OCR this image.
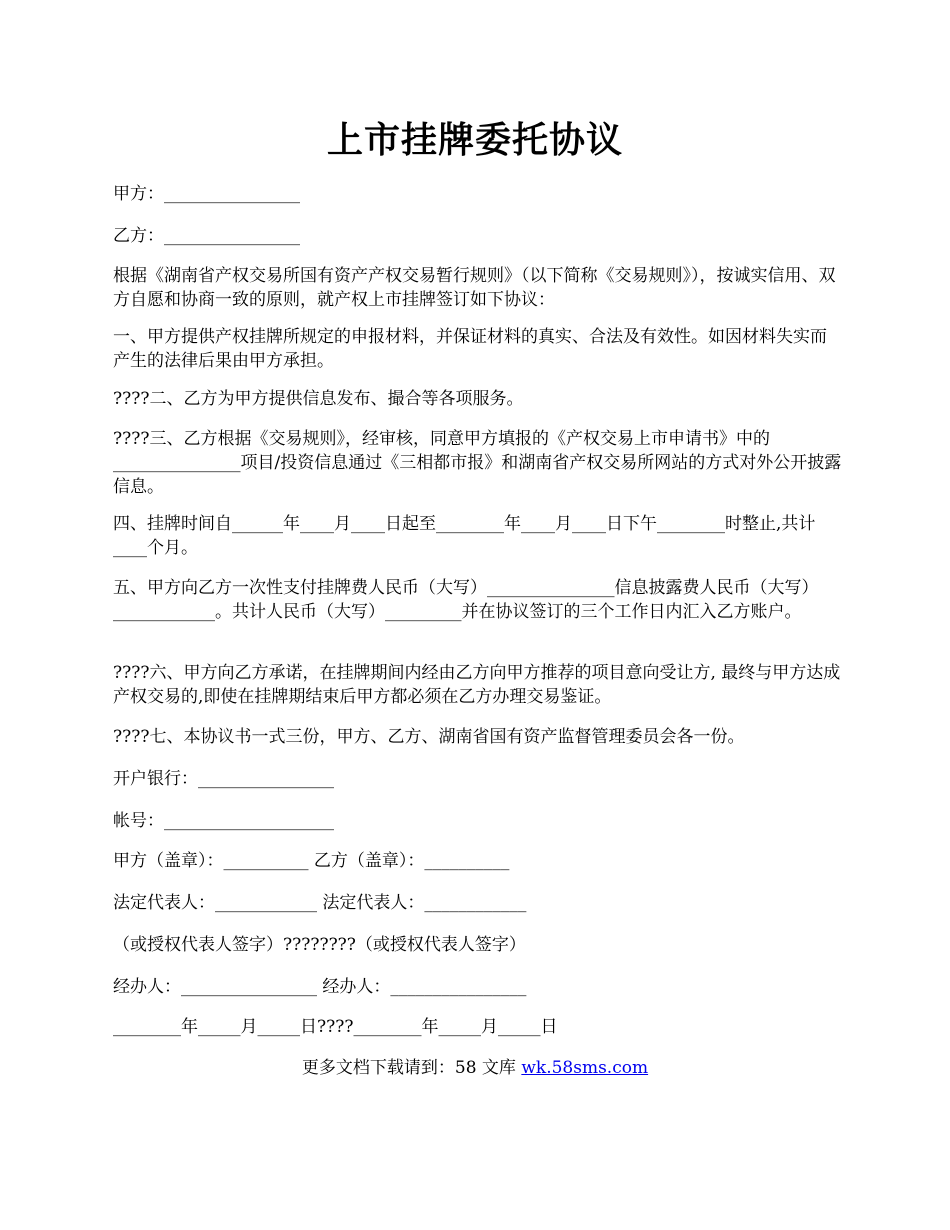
上市挂牌委托协议

甲方：________________

乙方：________________

根据《湖南省产权交易所国有资产产权交易暂行规则》（以下简称《交易规则》），按诚实信用、双方自愿和协商一致的原则，就产权上市挂牌签订如下协议：

一、甲方提供产权挂牌所规定的申报材料，并保证材料的真实、合法及有效性。如因材料失实而产生的法律后果由甲方承担。

????二、乙方为甲方提供信息发布、撮合等各项服务。

????三、乙方根据《交易规则》，经审核，同意甲方填报的《产权交易上市申请书》中的_______________项目/投资信息通过《三相都市报》和湖南省产权交易所网站的方式对外公开披露信息。

四、挂牌时间自______年____月____日起至________年____月____日下午________时整止,共计____个月。

五、甲方向乙方一次性支付挂牌费人民币（大写）_______________信息披露费人民币（大写）____________。共计人民币（大写）_________并在协议签订的三个工作日内汇入乙方账户。

????六、甲方向乙方承诺，在挂牌期间内经由乙方向甲方推荐的项目意向受让方, 最终与甲方达成产权交易的,即使在挂牌期结束后甲方都必须在乙方办理交易鉴证。

????七、本协议书一式三份，甲方、乙方、湖南省国有资产监督管理委员会各一份。

开户银行：________________

帐号：____________________

甲方（盖章）：__________ 乙方（盖章）：__________

法定代表人：____________ 法定代表人：____________

（或授权代表人签字）????????（或授权代表人签字）

经办人：________________ 经办人：________________

________年_____月_____日????________年_____月_____日

更多文档下载请到：58 文库 wk.58sms.com
